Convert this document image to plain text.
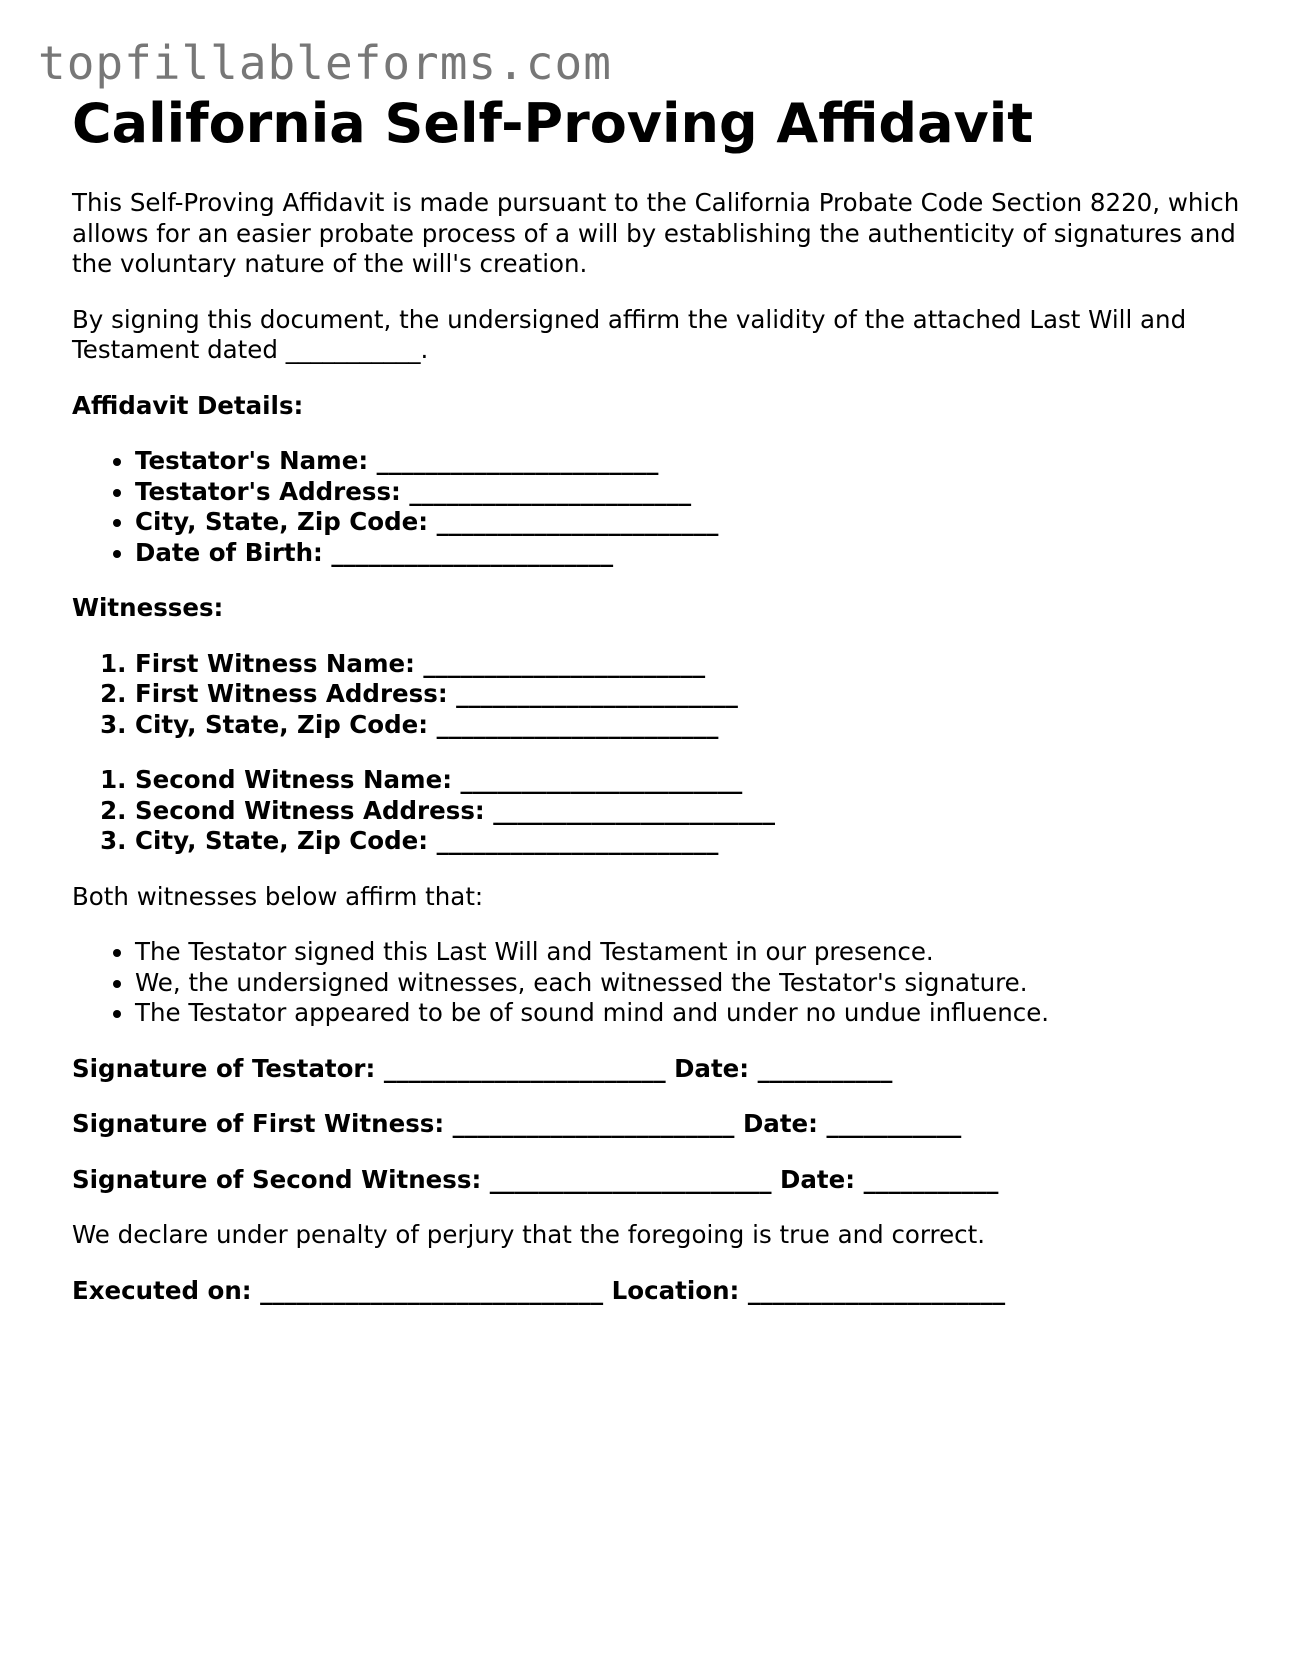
topfillableforms.com
California Self-Proving Affidavit

This Self-Proving Affidavit is made pursuant to the California Probate Code Section 8220, which allows for an easier probate process of a will by establishing the authenticity of signatures and the voluntary nature of the will's creation.

By signing this document, the undersigned affirm the validity of the attached Last Will and Testament dated ___________.

Affidavit Details:

• Testator's Name: _______________________
• Testator's Address: _______________________
• City, State, Zip Code: _______________________
• Date of Birth: _______________________

Witnesses:

1. First Witness Name: _______________________
2. First Witness Address: _______________________
3. City, State, Zip Code: _______________________
1. Second Witness Name: _______________________
2. Second Witness Address: _______________________
3. City, State, Zip Code: _______________________

Both witnesses below affirm that:

• The Testator signed this Last Will and Testament in our presence.
• We, the undersigned witnesses, each witnessed the Testator's signature.
• The Testator appeared to be of sound mind and under no undue influence.

Signature of Testator: _______________________ Date: ___________

Signature of First Witness: _______________________ Date: ___________

Signature of Second Witness: _______________________ Date: ___________

We declare under penalty of perjury that the foregoing is true and correct.

Executed on: ____________________________ Location: _____________________
